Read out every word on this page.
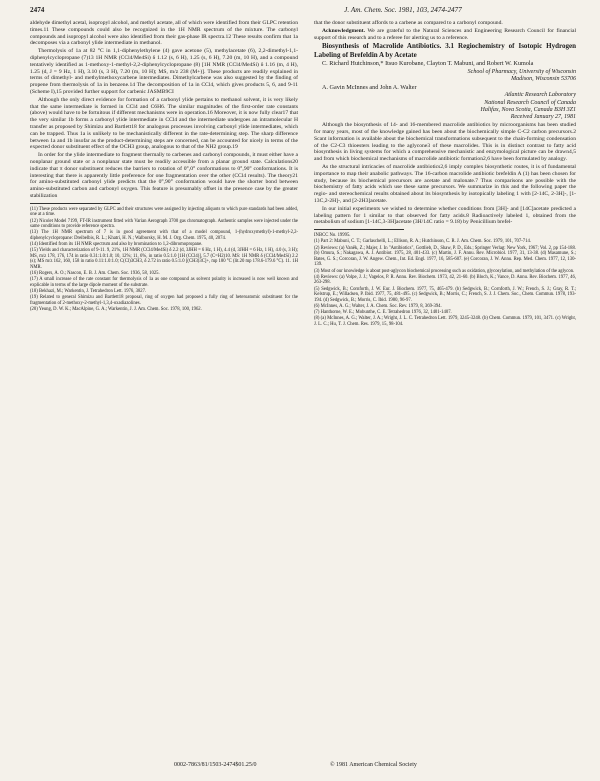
2474	J. Am. Chem. Soc. 1981, 103, 2474-2477

aldehyde dimethyl acetal, isopropyl alcohol, and methyl acetate, all of which were identified from their GLPC retention times.11 These compounds could also be recognized in the 1H NMR spectrum of the mixture. The carbonyl compounds and isopropyl alcohol were also identified from their gas-phase IR spectra.12 These results confirm that 1a decomposes via a carbonyl ylide intermediate in methanol.

Thermolysis of 1a at 82 °C in 1,1-diphenylethylene (4) gave acetone (5), methylacetate (6), 2,2-dimethyl-1,1-diphenylcyclopropane (7)13 1H NMR (CCl4/Me4Si) δ 1.12 (s, 6 H), 1.25 (s, 6 H), 7.20 (m, 10 H), and a compound tentatively identified as 1-methoxy-1-methyl-2,2-diphenylcyclopropane (8) [1H NMR (CCl4/Me4Si) δ 1.16 (m, 4 H), 1.25 (d, J = 9 Hz, 1 H), 3.10 (s, 3 H), 7.20 (m, 10 H); MS, m/z 238 (M+)]. These products are readily explained in terms of dimethyl- and methylmethoxycarbene intermediates. Dimethylcarbene was also suggested by the finding of propene from thermolysis of 1a in benzene.14 The decomposition of 1a in CCl4, which gives products 5, 6, and 9-11 (Scheme I),15 provided further support for carbenic JASMB9CI

Although the only direct evidence for formation of a carbonyl ylide pertains to methanol solvent, it is very likely that the same intermediate is formed in CCl4 and C6H6. The similar magnitudes of the first-order rate constants (above) would have to be fortuitous if different mechanisms were in operation.16 Moreover, it is now fully clear17 that the very similar 1b forms a carbonyl ylide intermediate in CCl4 and the intermediate undergoes an intramolecular H transfer as proposed by Shimizu and Bartlett18 for analogous processes involving carbonyl ylide intermediates, which can be trapped. Thus 1a is unlikely to be mechanistically different in the rate-determining step. The sharp difference between 1a and 1b insofar as the product-determining steps are concerned, can be accounted for nicely in terms of the expected donor substituent effect of the OCH3 group, analogous to that of the NH2 group.19

In order for the ylide intermediate to fragment thermally to carbenes and carbonyl compounds, it must either have a nonplanar ground state or a nonplanar state must be readily accessible from a planar ground state. Calculations20 indicate that π donor substituent reduces the barriers to rotation of 0°,0° conformations to 0°,90° conformations. It is interesting that there is apparently little preference for one fragmentation over the other (CCl4 results). The theory21 for amino-substituted carbonyl ylide predicts that the 0°,90° conformation would have the shorter bond between amino-substituted carbon and carbonyl oxygen. This feature is presumably offset in the presence case by the greater stabilization

(11) These products were separated by GLPC and their structures were assigned by injecting aliquots to which pure standards had been added, one at a time.
(12) Nicolet Model 7199, FT-IR instrument fitted with Varian Aerograph 3700 gas chromatograph. Authentic samples were injected under the same conditions to provide reference spectra.
(13) The 1H NMR spectrum of 7 is in good agreement with that of a model compound, 1-(hydroxymethyl)-1-methyl-2,2-diphenylcyclopropane: Dreibelbis, R. L.; Khatri, H. N.; Walborsky, H. M. J. Org. Chem. 1975, 40, 2074.
(14) Identified from its 1H NMR spectrum and also by bromination to 1,2-dibromopropane.
(15) Yields and characterization of 9-11. 9, 21%, 1H NMR (CCl4/Me4Si) δ 2.2 (d, 3JHH = 6 Hz, 1 H), 4.4 (d, 3JHH = 6 Hz, 1 H), 4.0 (s, 3 H); MS, m/z 178, 176, 174 in ratio 0.31:1.0:1.0; 10, 12%; 11, 6%, in ratio 0.5:1.0 [1H (CCl4)], 5.7 (C=H2)10. MS: 1H NMR δ (CCl4/Me4Si) 2.2 (s); MS m/z 162, 160, 158 in ratio 0.11:1.0:1.0; C(Cl)3CH3, δ 2.72 in ratio 0.5:1.0 [(CH3)3C]+, mp 180 °C (lit.20 mp 178.6-179.6 °C). 11. 1H NMR.
(16) Rogers, A. O.; Nascon, E. B. J. Am. Chem. Soc. 1936, 58, 1025.
(17) A small increase of the rate constant for thermolysis of 1a as one compound as solvent polarity is increased is now well known and explicable in terms of the large dipole moment of the substrate.
(18) Bekhazi, M.; Warkentin, J. Tetrahedron Lett. 1976, 3827.
(19) Related to general Shimizu and Bartlett18 proposal, ring of oxygen had proposed a fully ring of heteroatomic substituent for the fragmentation of 2-methoxy-2-methyl-1,3,4-oxadiazolines.
(20) Yeung, D. W. K.; MacAlpine, G. A.; Warkentin, J. J. Am. Chem. Soc. 1978, 100, 1962.

that the donor substituent affords to a carbene as compared to a carbonyl compound.

Acknowledgment. We are grateful to the Natural Sciences and Engineering Research Council for financial support of this research and to a referee for alerting us to a reference.

Biosynthesis of Macrolide Antibiotics. 3.1 Regiochemistry of Isotopic Hydrogen Labeling of Brefeldin A by Acetate

C. Richard Hutchinson,* Itsuo Kurobane, Clayton T. Mabuni, and Robert W. Kumola

School of Pharmacy, University of Wisconsin
Madison, Wisconsin 53706

A. Gavin McInnes and John A. Walter

Atlantic Research Laboratory
National Research Council of Canada
Halifax, Nova Scotia, Canada B3H 3Z1
Received January 27, 1981

Although the biosynthesis of 14- and 16-membered macrolide antibiotics by microorganisms has been studied for many years, most of the knowledge gained has been about the biochemically simple C-C2 carbon precursors.2 Scant information is available about the biochemical transformations subsequent to the chain-forming condensation of the C2-C3 thioesters leading to the aglycone3 of these macrolides. This is in distinct contrast to fatty acid biosynthesis in living systems for which a comprehensive mechanistic and enzymological picture can be drawn4,5 and from which biochemical mechanisms of macrolide antibiotic formation2,6 have been formulated by analogy.

As the structural intricacies of macrolide antibiotics2,6 imply complex biosynthetic routes, it is of fundamental importance to map their anabolic pathways. The 16-carbon macrolide antibiotic brefeldin A (1) has been chosen for study, because its biochemical precursors are acetate and malonate.7 Thus comparisons are possible with the biochemistry of fatty acids which use these same precursors. We summarize in this and the following paper the regio- and stereochemical results obtained about its biosynthesis by isotopically labeling 1 with [2-14C, 2-3H]-, [1-13C,2-2H]-, and [2-2H3]acetate.

In our initial experiments we wished to determine whether conditions from [3H]- and [14C]acetate predicted a labeling pattern for 1 similar to that observed for fatty acids.8 Radioactively labeled 1, obtained from the metabolism of sodium [1-14C,3-3H]acetate (3H/14C ratio = 9.18) by Penicillium brefel-

INBCC No. 19995.
(1) Part 2: Mabuni, C. T.; Garlaschelli, L.; Ellison, R. A.; Hutchinson, C. R. J. Am. Chem. Soc. 1979, 101, 707-714.
(2) Reviews: (a) Vaněk, Z.; Majer, J. In "Antibiotics", Gottlieb, D., Shaw, P. D., Eds.; Springer Verlag: New York, 1967; Vol. 2, pp 154-188. (b) Omura, S.; Nakagawa, A. J. Antibiot. 1975, 28, 401-433. (c) Martin, J. F. Annu. Rev. Microbiol. 1977, 31, 13-38. (d) Masamune, S.; Bates, G. S.; Corcoran, J. W. Angew. Chem., Int. Ed. Engl. 1977, 16, 585-607. (e) Corcoran, J. W. Annu. Rep. Med. Chem. 1977, 12, 130-139.
(3) Most of our knowledge is about post-aglycon biochemical processing such as oxidation, glycosylation, and methylation of the aglycon.
(4) Reviews: (a) Volpe, J. J.; Vagelos, P. R. Annu. Rev. Biochem. 1973, 42, 21-60. (b) Bloch, K.; Vance, D. Annu. Rev. Biochem. 1977, 46, 263-298.
(5) Sedgwick, B.; Cornforth, J. W. Eur. J. Biochem. 1977, 75, 465-479. (b) Sedgwick, B.; Cornforth, J. W.; French, S. J.; Gray, R. T.; Kelstrup, E.; Willadsen, P. Ibid. 1977, 75, 481-495. (c) Sedgwick, B.; Morris, C.; French, S. J. J. Chem. Soc., Chem. Commun. 1978, 193-194. (d) Sedgwick, B.; Morris, C. Ibid. 1980, 96-97.
(6) McInnes, A. G.; Walter, J. A. Chem. Soc. Rev. 1979, 8, 369-394.
(7) Hanthorne, W. E.; Mobunthe, C. E. Tetrahedron 1976, 32, 1401-1407.
(8) (a) McInnes, A. G.; Walter, J. A.; Wright, J. L. C. Tetrahedron Lett. 1979, 3245-3248. (b) Chem. Commun. 1979, 101, 3471. (c) Wright, J. L. C.; Hu, T. J. Chem. Res. 1979, 15, 98-104.
0002-7863/81/1503-2474$01.25/0	© 1981 American Chemical Society
